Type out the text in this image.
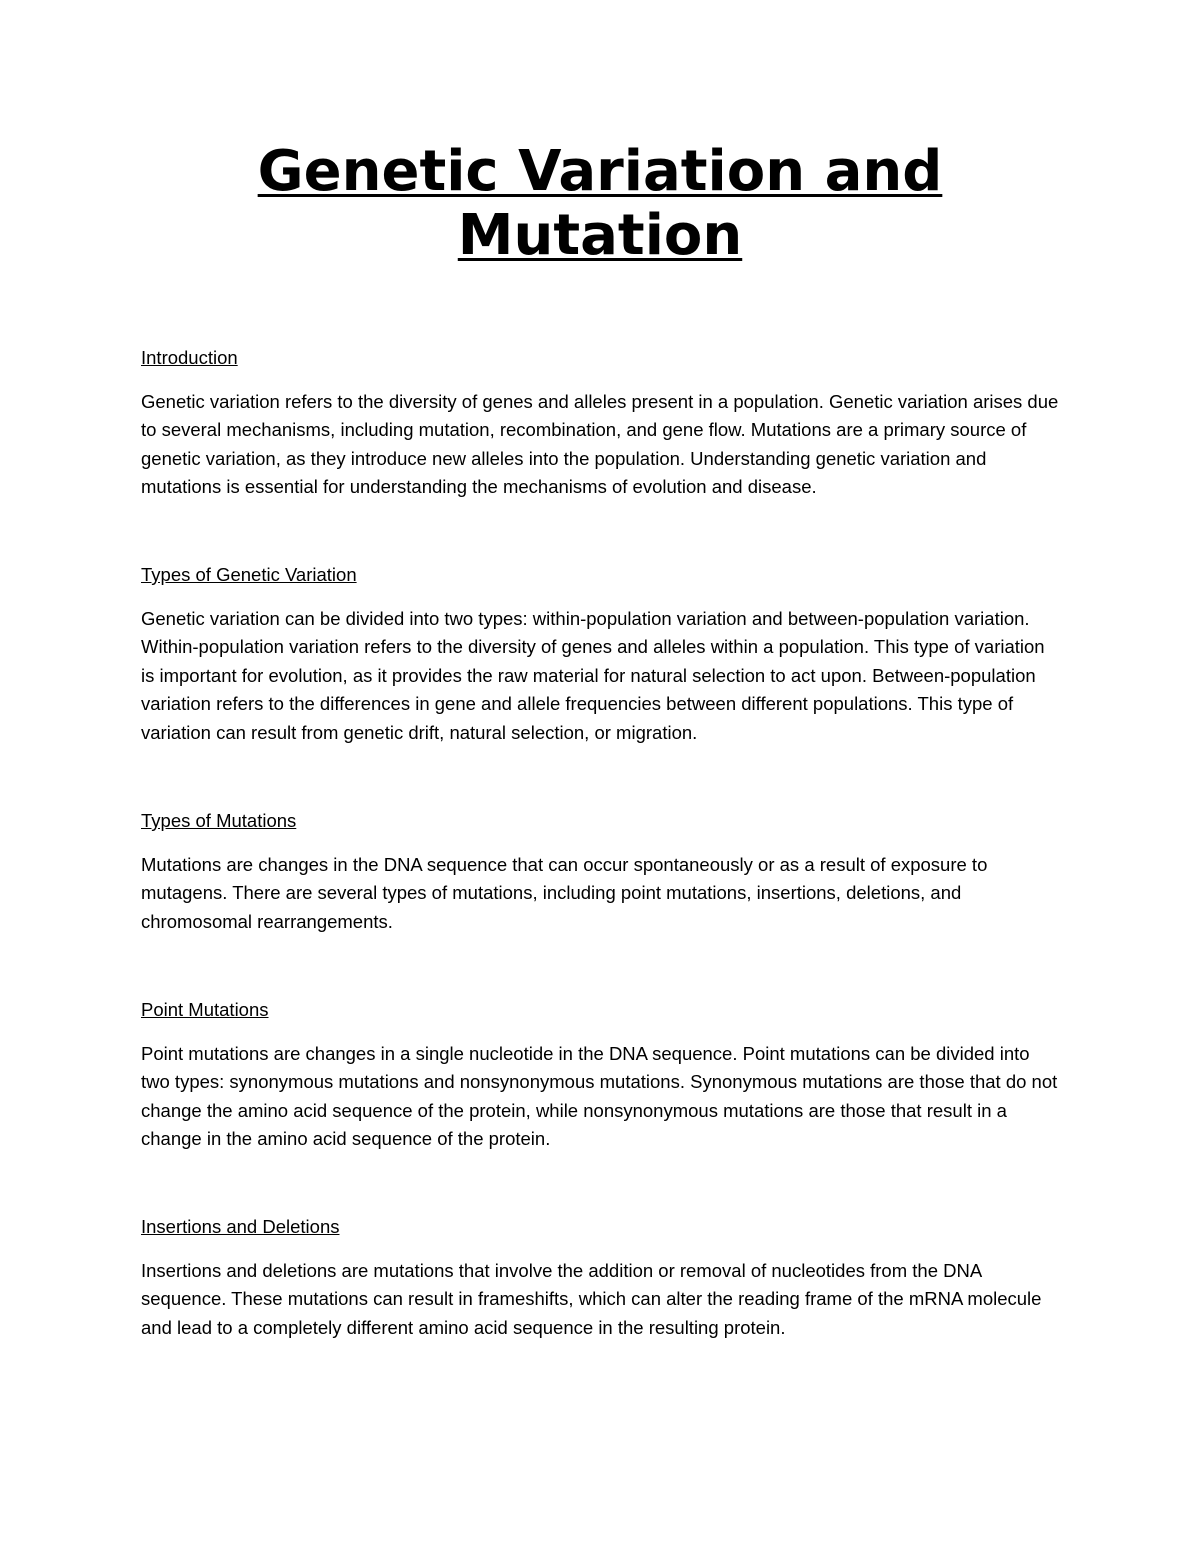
Genetic Variation and Mutation
Introduction

Genetic variation refers to the diversity of genes and alleles present in a population. Genetic variation arises due to several mechanisms, including mutation, recombination, and gene flow. Mutations are a primary source of genetic variation, as they introduce new alleles into the population. Understanding genetic variation and mutations is essential for understanding the mechanisms of evolution and disease.

Types of Genetic Variation

Genetic variation can be divided into two types: within-population variation and between-population variation. Within-population variation refers to the diversity of genes and alleles within a population. This type of variation is important for evolution, as it provides the raw material for natural selection to act upon. Between-population variation refers to the differences in gene and allele frequencies between different populations. This type of variation can result from genetic drift, natural selection, or migration.

Types of Mutations

Mutations are changes in the DNA sequence that can occur spontaneously or as a result of exposure to mutagens. There are several types of mutations, including point mutations, insertions, deletions, and chromosomal rearrangements.

Point Mutations

Point mutations are changes in a single nucleotide in the DNA sequence. Point mutations can be divided into two types: synonymous mutations and nonsynonymous mutations. Synonymous mutations are those that do not change the amino acid sequence of the protein, while nonsynonymous mutations are those that result in a change in the amino acid sequence of the protein.

Insertions and Deletions

Insertions and deletions are mutations that involve the addition or removal of nucleotides from the DNA sequence. These mutations can result in frameshifts, which can alter the reading frame of the mRNA molecule and lead to a completely different amino acid sequence in the resulting protein.
